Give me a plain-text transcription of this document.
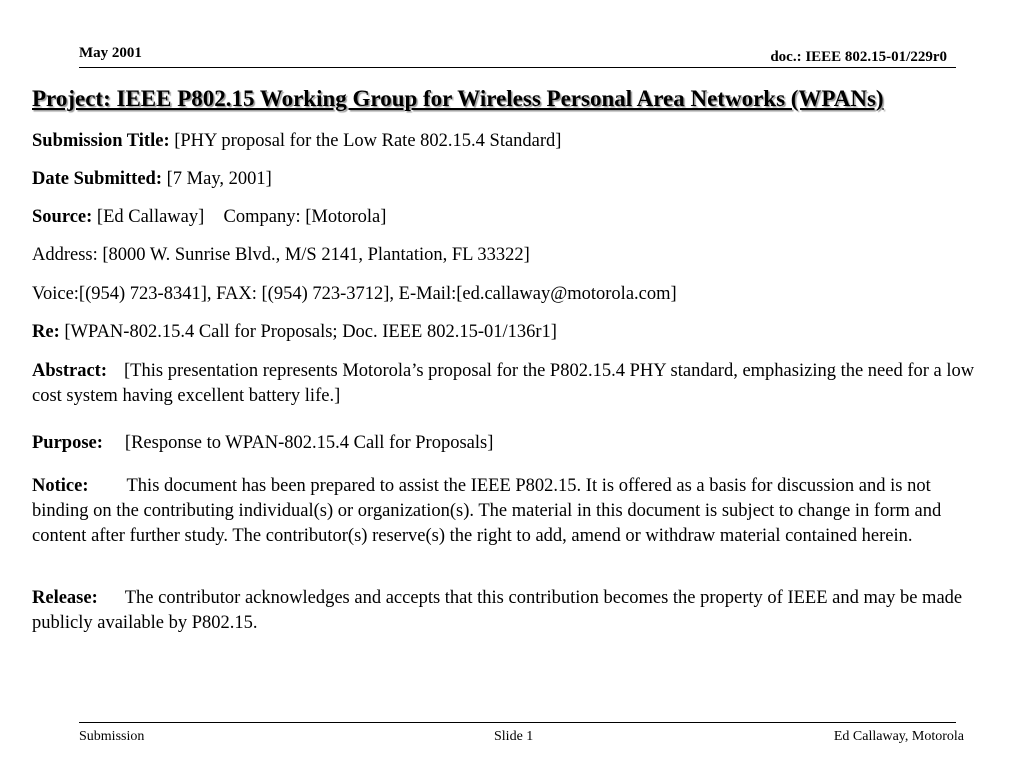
May 2001	doc.: IEEE 802.15-01/229r0
Project: IEEE P802.15 Working Group for Wireless Personal Area Networks (WPANs)
Submission Title: [PHY proposal for the Low Rate 802.15.4 Standard]
Date Submitted: [7 May, 2001]
Source: [Ed Callaway] Company: [Motorola]
Address: [8000 W. Sunrise Blvd., M/S 2141, Plantation, FL 33322]
Voice:[(954) 723-8341], FAX: [(954) 723-3712], E-Mail:[ed.callaway@motorola.com]
Re: [WPAN-802.15.4 Call for Proposals; Doc. IEEE 802.15-01/136r1]
Abstract: [This presentation represents Motorola’s proposal for the P802.15.4 PHY standard, emphasizing the need for a low cost system having excellent battery life.]
Purpose: [Response to WPAN-802.15.4 Call for Proposals]
Notice: This document has been prepared to assist the IEEE P802.15. It is offered as a basis for discussion and is not binding on the contributing individual(s) or organization(s). The material in this document is subject to change in form and content after further study. The contributor(s) reserve(s) the right to add, amend or withdraw material contained herein.
Release: The contributor acknowledges and accepts that this contribution becomes the property of IEEE and may be made publicly available by P802.15.
Submission	Slide 1	Ed Callaway, Motorola
